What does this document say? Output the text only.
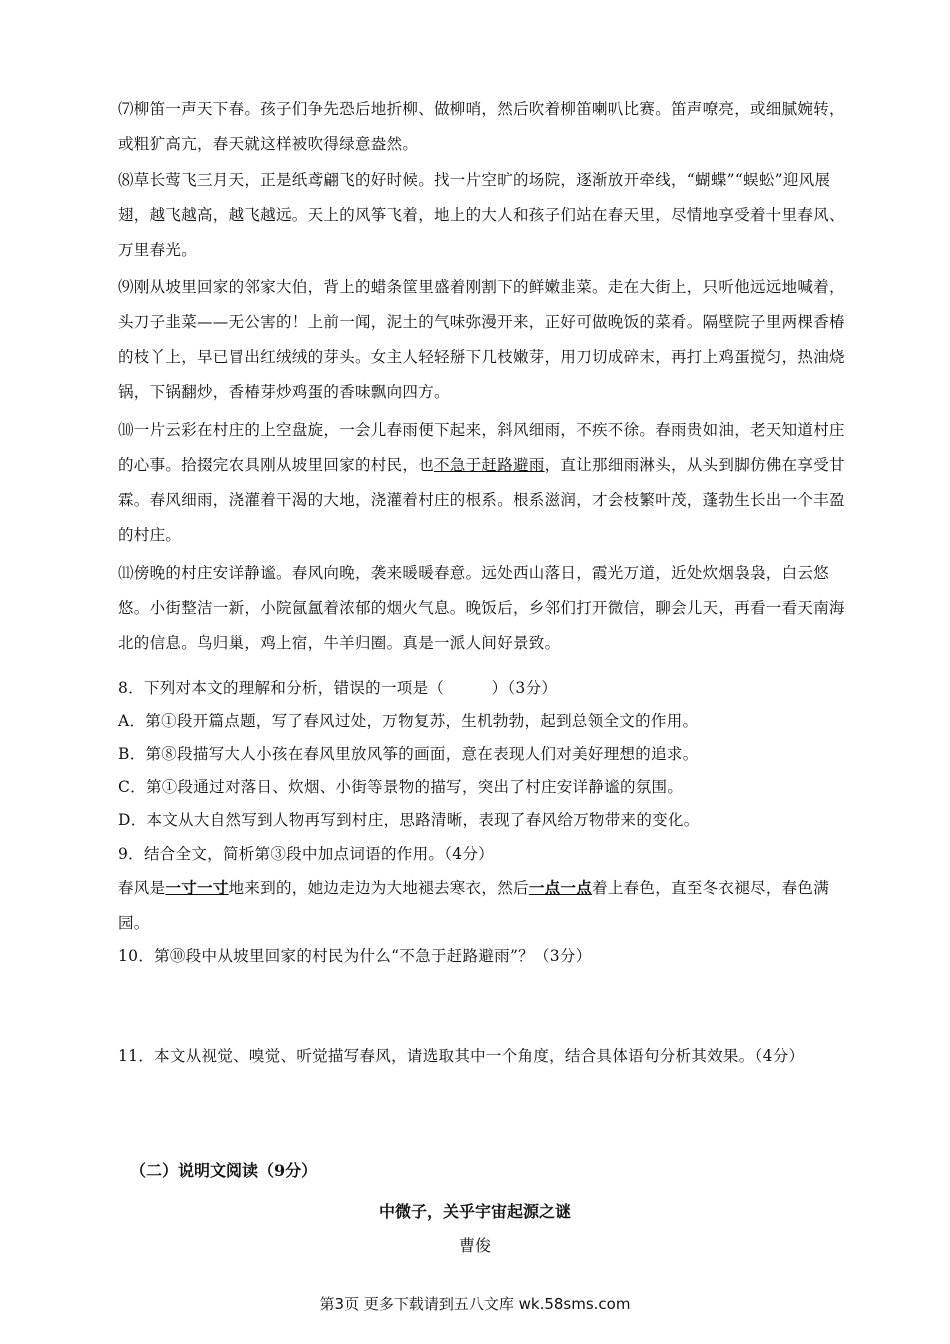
⑺柳笛一声天下春。孩子们争先恐后地折柳、做柳哨，然后吹着柳笛喇叭比赛。笛声嘹亮，或细腻婉转，或粗犷高亢，春天就这样被吹得绿意盎然。

⑻草长莺飞三月天，正是纸鸢翩飞的好时候。找一片空旷的场院，逐渐放开牵线，“蝴蝶”“蜈蚣”迎风展翅，越飞越高，越飞越远。天上的风筝飞着，地上的大人和孩子们站在春天里，尽情地享受着十里春风、万里春光。

⑼刚从坡里回家的邻家大伯，背上的蜡条筐里盛着刚割下的鲜嫩韭菜。走在大街上，只听他远远地喊着，头刀子韭菜——无公害的！上前一闻，泥土的气味弥漫开来，正好可做晚饭的菜肴。隔壁院子里两棵香椿的枝丫上，早已冒出红绒绒的芽头。女主人轻轻掰下几枝嫩芽，用刀切成碎末，再打上鸡蛋搅匀，热油烧锅，下锅翻炒，香椿芽炒鸡蛋的香味飘向四方。

⑽一片云彩在村庄的上空盘旋，一会儿春雨便下起来，斜风细雨，不疾不徐。春雨贵如油，老天知道村庄的心事。拾掇完农具刚从坡里回家的村民，也不急于赶路避雨，直让那细雨淋头，从头到脚仿佛在享受甘霖。春风细雨，浇灌着干渴的大地，浇灌着村庄的根系。根系滋润，才会枝繁叶茂，蓬勃生长出一个丰盈的村庄。

⑾傍晚的村庄安详静谧。春风向晚，袭来暖暖春意。远处西山落日，霞光万道，近处炊烟袅袅，白云悠悠。小街整洁一新，小院氤氲着浓郁的烟火气息。晚饭后，乡邻们打开微信，聊会儿天，再看一看天南海北的信息。鸟归巢，鸡上宿，牛羊归圈。真是一派人间好景致。

8．下列对本文的理解和分析，错误的一项是（　　　）（3分）

A．第①段开篇点题，写了春风过处，万物复苏，生机勃勃，起到总领全文的作用。

B．第⑧段描写大人小孩在春风里放风筝的画面，意在表现人们对美好理想的追求。

C．第①段通过对落日、炊烟、小街等景物的描写，突出了村庄安详静谧的氛围。

D．本文从大自然写到人物再写到村庄，思路清晰，表现了春风给万物带来的变化。

9．结合全文，简析第③段中加点词语的作用。（4分）

春风是一寸一寸地来到的，她边走边为大地褪去寒衣，然后一点一点着上春色，直至冬衣褪尽，春色满园。

10．第⑩段中从坡里回家的村民为什么“不急于赶路避雨”？（3分）

11．本文从视觉、嗅觉、听觉描写春风，请选取其中一个角度，结合具体语句分析其效果。（4分）

（二）说明文阅读（9分）
中微子，关乎宇宙起源之谜
曹俊
第3页 更多下载请到五八文库 wk.58sms.com
